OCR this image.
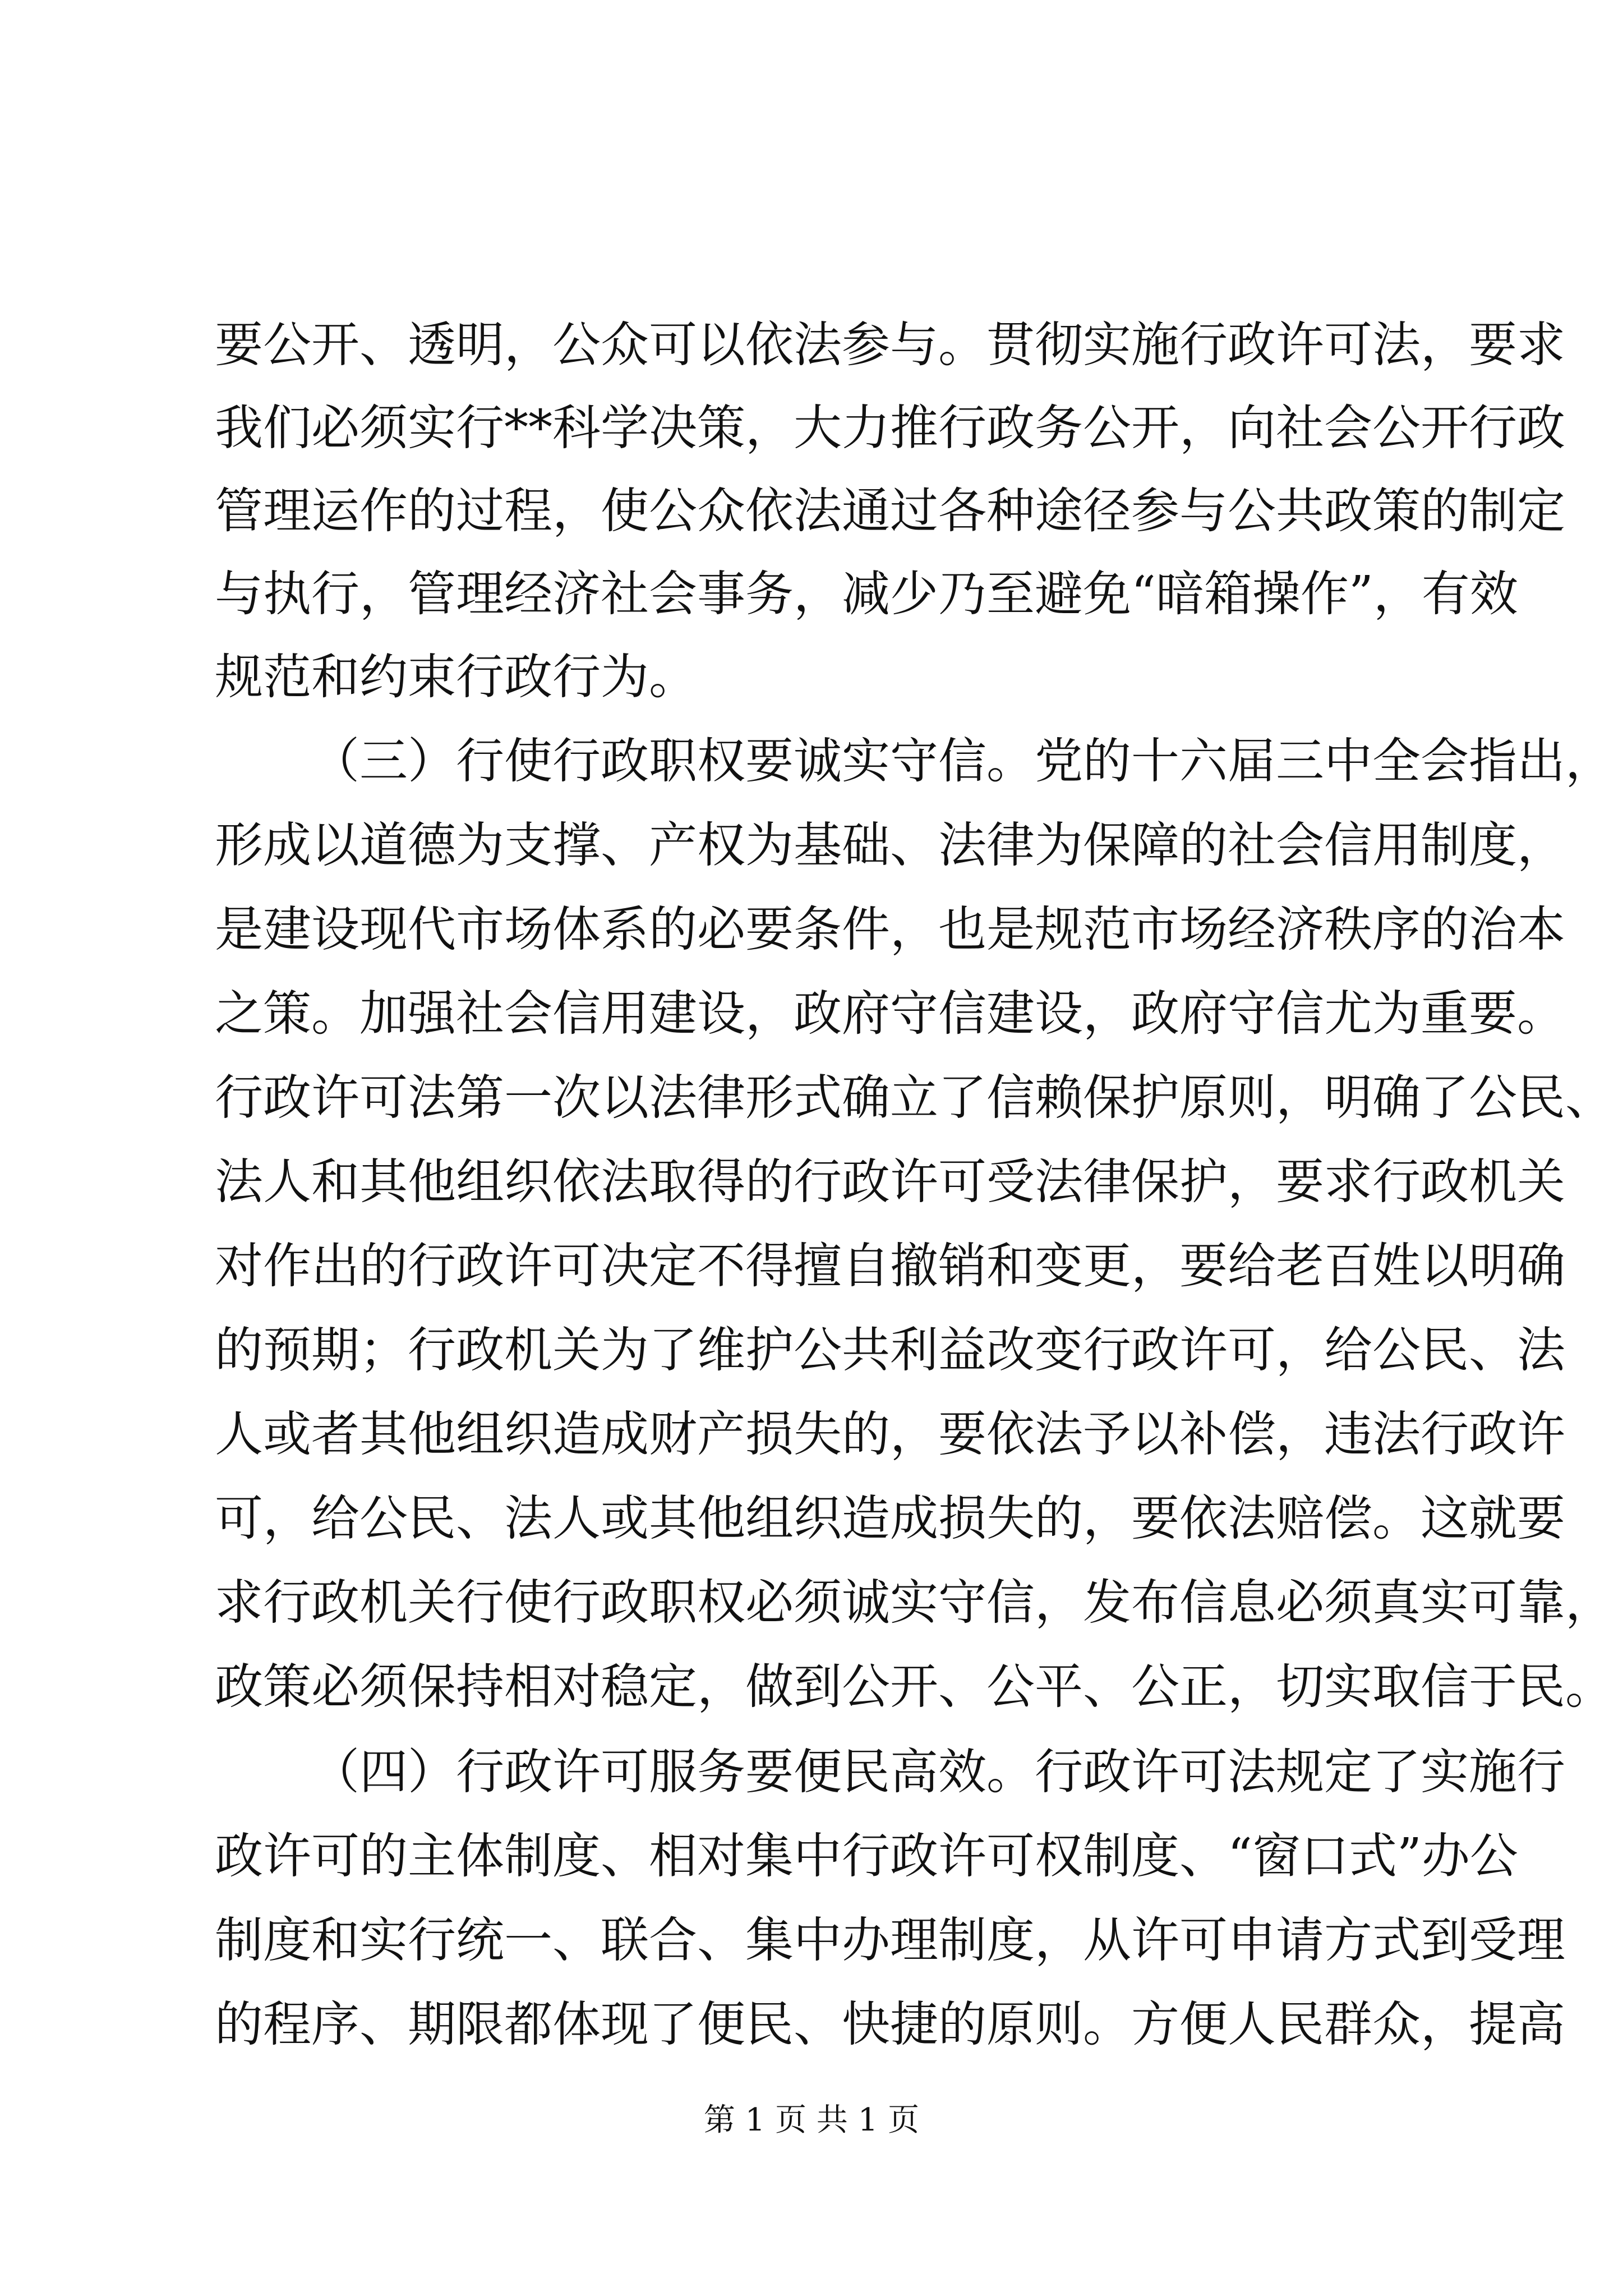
要公开、透明，公众可以依法参与。贯彻实施行政许可法，要求
我们必须实行**科学决策，大力推行政务公开，向社会公开行政
管理运作的过程，使公众依法通过各种途径参与公共政策的制定
与执行，管理经济社会事务，减少乃至避免“暗箱操作”，有效
规范和约束行政行为。
（三）行使行政职权要诚实守信。党的十六届三中全会指出，
形成以道德为支撑、产权为基础、法律为保障的社会信用制度，
是建设现代市场体系的必要条件，也是规范市场经济秩序的治本
之策。加强社会信用建设，政府守信建设，政府守信尤为重要。
行政许可法第一次以法律形式确立了信赖保护原则，明确了公民、
法人和其他组织依法取得的行政许可受法律保护，要求行政机关
对作出的行政许可决定不得擅自撤销和变更，要给老百姓以明确
的预期；行政机关为了维护公共利益改变行政许可，给公民、法
人或者其他组织造成财产损失的，要依法予以补偿，违法行政许
可，给公民、法人或其他组织造成损失的，要依法赔偿。这就要
求行政机关行使行政职权必须诚实守信，发布信息必须真实可靠，
政策必须保持相对稳定，做到公开、公平、公正，切实取信于民。
（四）行政许可服务要便民高效。行政许可法规定了实施行
政许可的主体制度、相对集中行政许可权制度、“窗口式”办公
制度和实行统一、联合、集中办理制度，从许可申请方式到受理
的程序、期限都体现了便民、快捷的原则。方便人民群众，提高
第 1 页 共 1 页
